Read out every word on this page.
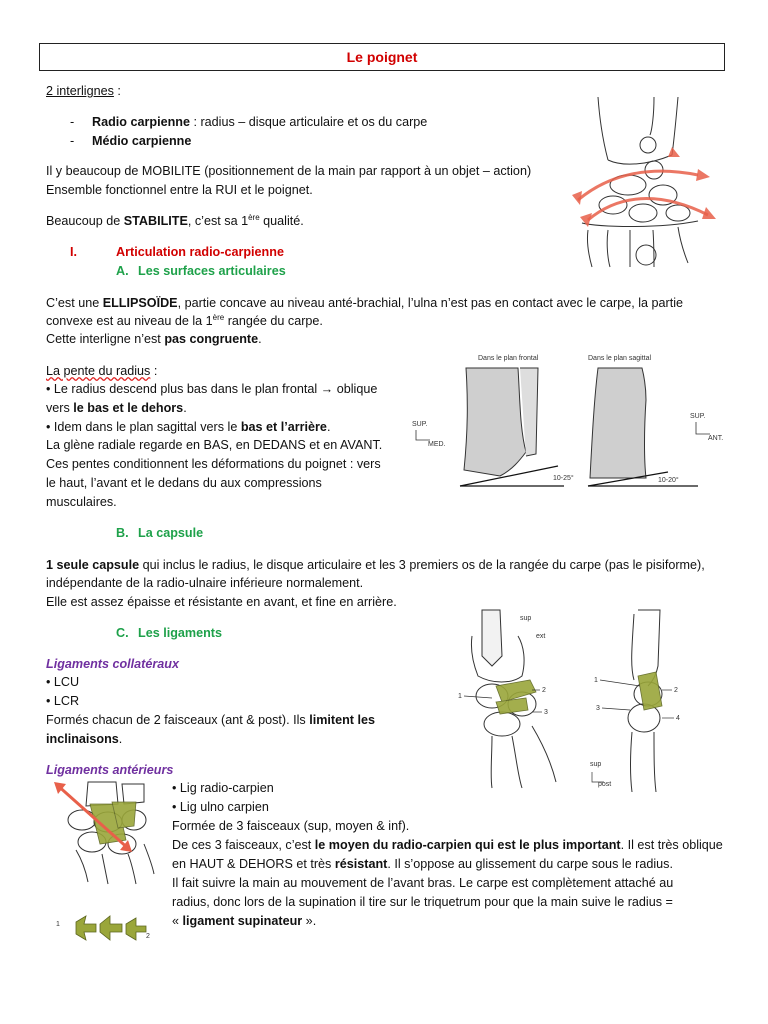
Le poignet
2 interlignes :
- Radio carpienne : radius – disque articulaire et os du carpe
- Médio carpienne
Il y beaucoup de MOBILITE (positionnement de la main par rapport à un objet – action)
Ensemble fonctionnel entre la RUI et le poignet.
Beaucoup de STABILITE, c’est sa 1ère qualité.
I.	Articulation radio-carpienne
A. Les surfaces articulaires
C’est une ELLIPSOÏDE, partie concave au niveau anté-brachial, l’ulna n’est pas en contact avec le carpe, la partie
convexe est au niveau de la 1ère rangée du carpe.
Cette interligne n’est pas congruente.
La pente du radius :
• Le radius descend plus bas dans le plan frontal → oblique
vers le bas et le dehors.
• Idem dans le plan sagittal vers le bas et l’arrière.
La glène radiale regarde en BAS, en DEDANS et en AVANT.
Ces pentes conditionnent les déformations du poignet : vers
le haut, l’avant et le dedans du aux compressions
musculaires.
B. La capsule
1 seule capsule qui inclus le radius, le disque articulaire et les 3 premiers os de la rangée du carpe (pas le pisiforme),
indépendante de la radio-ulnaire inférieure normalement.
Elle est assez épaisse et résistante en avant, et fine en arrière.
C. Les ligaments
Ligaments collatéraux
• LCU
• LCR
Formés chacun de 2 faisceaux (ant & post). Ils limitent les
inclinaisons.
Ligaments antérieurs
• Lig radio-carpien
• Lig ulno carpien
Formée de 3 faisceaux (sup, moyen & inf).
De ces 3 faisceaux, c’est le moyen du radio-carpien qui est le plus important. Il est très oblique
en HAUT & DEHORS et très résistant. Il s’oppose au glissement du carpe sous le radius.
Il fait suivre la main au mouvement de l’avant bras. Le carpe est complètement attaché au
radius, donc lors de la supination il tire sur le triquetrum pour que la main suive le radius =
« ligament supinateur ».
Dans le plan frontal	Dans le plan sagittal
SUP.
MED.
10-25°
SUP.
ANT.
10-20°
sup
ext
1
2
3
1
2
3
4
sup
post
1
2
